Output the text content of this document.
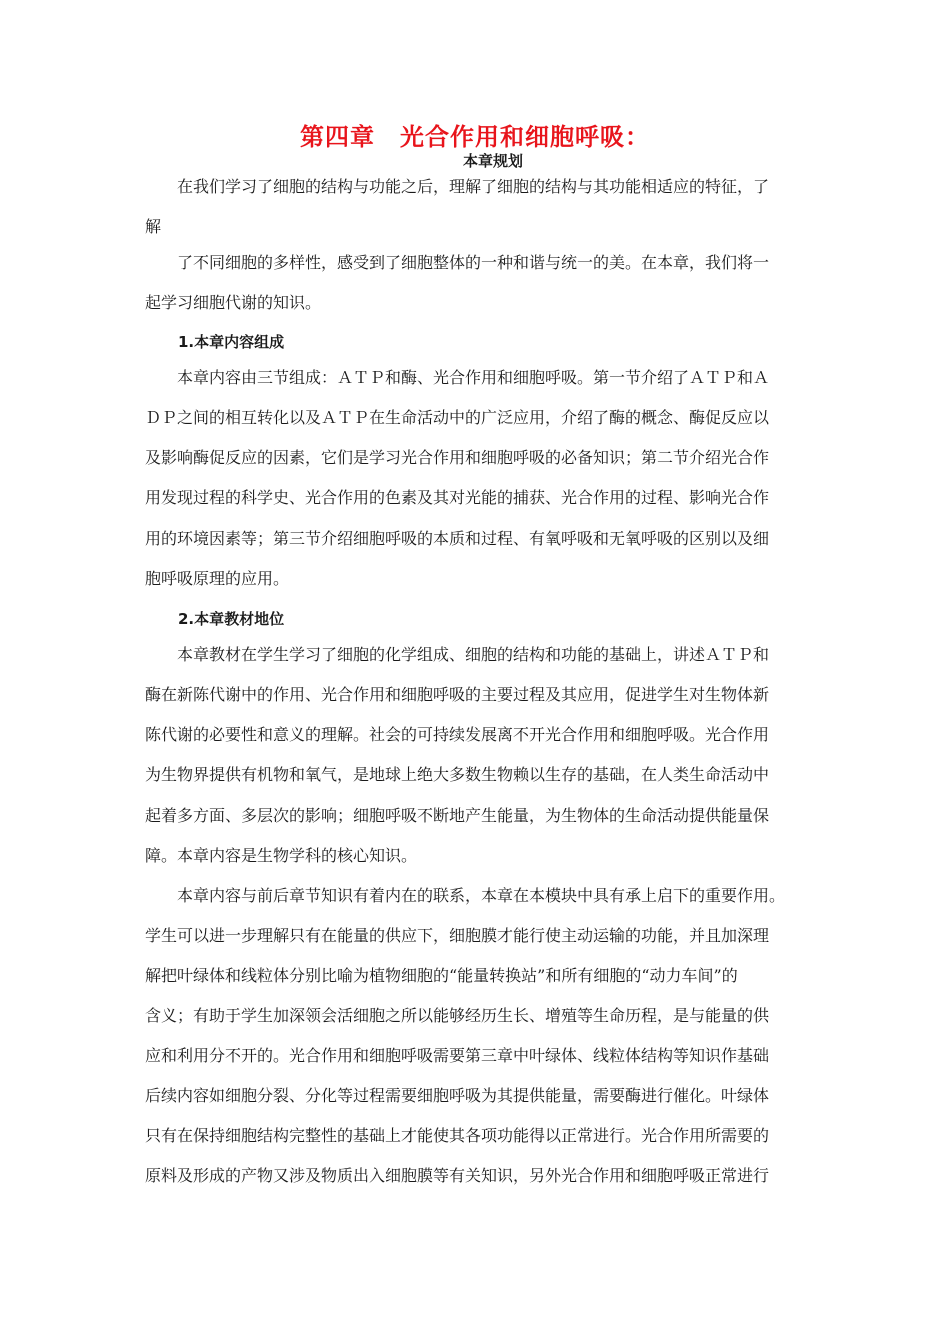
第四章　光合作用和细胞呼吸：
本章规划
在我们学习了细胞的结构与功能之后，理解了细胞的结构与其功能相适应的特征，了
解
了不同细胞的多样性，感受到了细胞整体的一种和谐与统一的美。在本章，我们将一
起学习细胞代谢的知识。
1.本章内容组成
本章内容由三节组成：ＡＴＰ和酶、光合作用和细胞呼吸。第一节介绍了ＡＴＰ和Ａ
ＤＰ之间的相互转化以及ＡＴＰ在生命活动中的广泛应用，介绍了酶的概念、酶促反应以
及影响酶促反应的因素，它们是学习光合作用和细胞呼吸的必备知识；第二节介绍光合作
用发现过程的科学史、光合作用的色素及其对光能的捕获、光合作用的过程、影响光合作
用的环境因素等；第三节介绍细胞呼吸的本质和过程、有氧呼吸和无氧呼吸的区别以及细
胞呼吸原理的应用。
2.本章教材地位
本章教材在学生学习了细胞的化学组成、细胞的结构和功能的基础上，讲述ＡＴＰ和
酶在新陈代谢中的作用、光合作用和细胞呼吸的主要过程及其应用，促进学生对生物体新
陈代谢的必要性和意义的理解。社会的可持续发展离不开光合作用和细胞呼吸。光合作用
为生物界提供有机物和氧气，是地球上绝大多数生物赖以生存的基础，在人类生命活动中
起着多方面、多层次的影响；细胞呼吸不断地产生能量，为生物体的生命活动提供能量保
障。本章内容是生物学科的核心知识。
本章内容与前后章节知识有着内在的联系，本章在本模块中具有承上启下的重要作用。
学生可以进一步理解只有在能量的供应下，细胞膜才能行使主动运输的功能，并且加深理
解把叶绿体和线粒体分别比喻为植物细胞的“能量转换站”和所有细胞的“动力车间”的
含义；有助于学生加深领会活细胞之所以能够经历生长、增殖等生命历程，是与能量的供
应和利用分不开的。光合作用和细胞呼吸需要第三章中叶绿体、线粒体结构等知识作基础
后续内容如细胞分裂、分化等过程需要细胞呼吸为其提供能量，需要酶进行催化。叶绿体
只有在保持细胞结构完整性的基础上才能使其各项功能得以正常进行。光合作用所需要的
原料及形成的产物又涉及物质出入细胞膜等有关知识，另外光合作用和细胞呼吸正常进行
